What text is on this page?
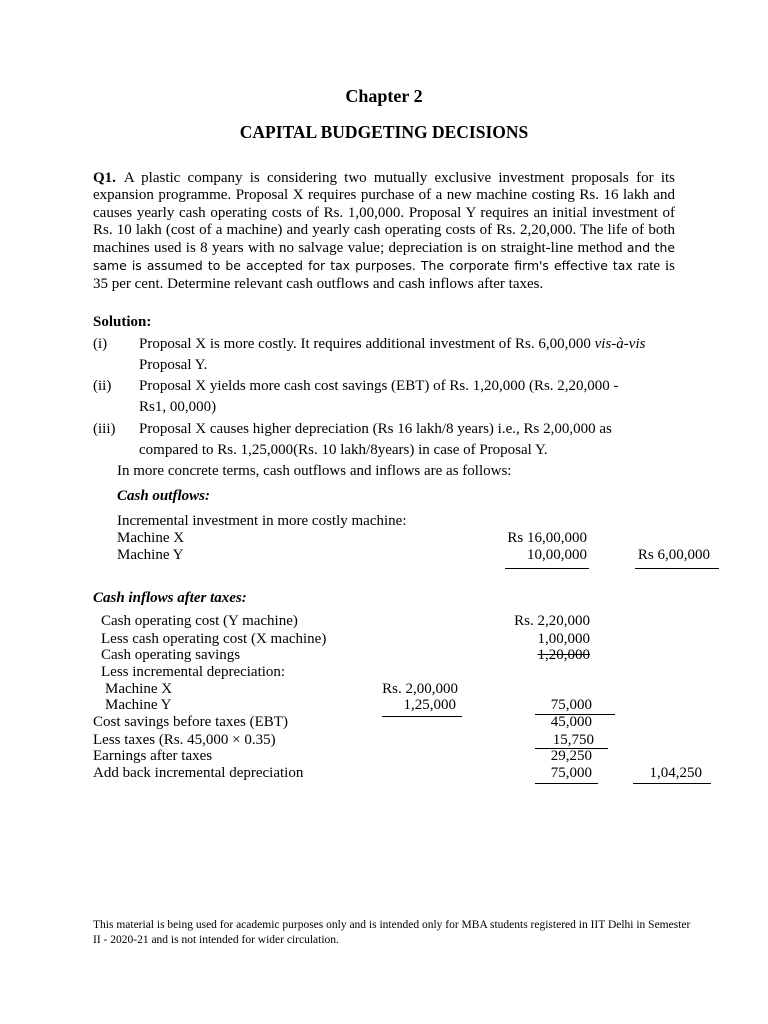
Chapter 2
CAPITAL BUDGETING DECISIONS
Q1. A plastic company is considering two mutually exclusive investment proposals for its expansion programme. Proposal X requires purchase of a new machine costing Rs. 16 lakh and causes yearly cash operating costs of Rs. 1,00,000. Proposal Y requires an initial investment of Rs. 10 lakh (cost of a machine) and yearly cash operating costs of Rs. 2,20,000. The life of both machines used is 8 years with no salvage value; depreciation is on straight-line method and the same is assumed to be accepted for tax purposes. The corporate firm's effective tax rate is 35 per cent. Determine relevant cash outflows and cash inflows after taxes.
Solution:
(i) Proposal X is more costly. It requires additional investment of Rs. 6,00,000 vis-à-vis
Proposal Y.
(ii) Proposal X yields more cash cost savings (EBT) of Rs. 1,20,000 (Rs. 2,20,000 -
Rs1, 00,000)
(iii) Proposal X causes higher depreciation (Rs 16 lakh/8 years) i.e., Rs 2,00,000 as
compared to Rs. 1,25,000(Rs. 10 lakh/8years) in case of Proposal Y.
In more concrete terms, cash outflows and inflows are as follows:
Cash outflows:
Incremental investment in more costly machine:
Machine X	Rs 16,00,000
Machine Y	10,00,000	Rs 6,00,000
Cash inflows after taxes:
Cash operating cost (Y machine)	Rs. 2,20,000
Less cash operating cost (X machine)	1,00,000
Cash operating savings	1,20,000
Less incremental depreciation:
Machine X	Rs. 2,00,000
Machine Y	1,25,000	75,000
Cost savings before taxes (EBT)	45,000
Less taxes (Rs. 45,000 × 0.35)	15,750
Earnings after taxes	29,250
Add back incremental depreciation	75,000	1,04,250
This material is being used for academic purposes only and is intended only for MBA students registered in IIT Delhi in Semester II - 2020-21 and is not intended for wider circulation.
